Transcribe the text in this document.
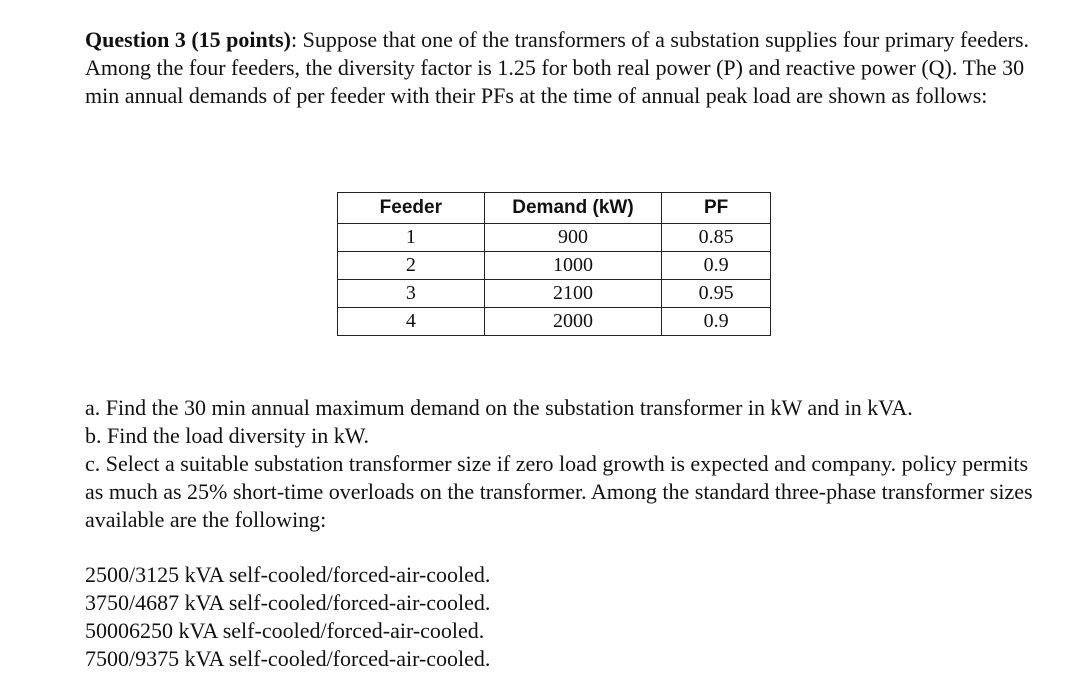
Question 3 (15 points): Suppose that one of the transformers of a substation supplies four primary feeders. Among the four feeders, the diversity factor is 1.25 for both real power (P) and reactive power (Q). The 30 min annual demands of per feeder with their PFs at the time of annual peak load are shown as follows:
Feeder	Demand (kW)	PF
1	900	0.85
2	1000	0.9
3	2100	0.95
4	2000	0.9

a. Find the 30 min annual maximum demand on the substation transformer in kW and in kVA.

b. Find the load diversity in kW.

c. Select a suitable substation transformer size if zero load growth is expected and company. policy permits as much as 25% short-time overloads on the transformer. Among the standard three-phase transformer sizes available are the following:

2500/3125 kVA self-cooled/forced-air-cooled.

3750/4687 kVA self-cooled/forced-air-cooled.

50006250 kVA self-cooled/forced-air-cooled.

7500/9375 kVA self-cooled/forced-air-cooled.
